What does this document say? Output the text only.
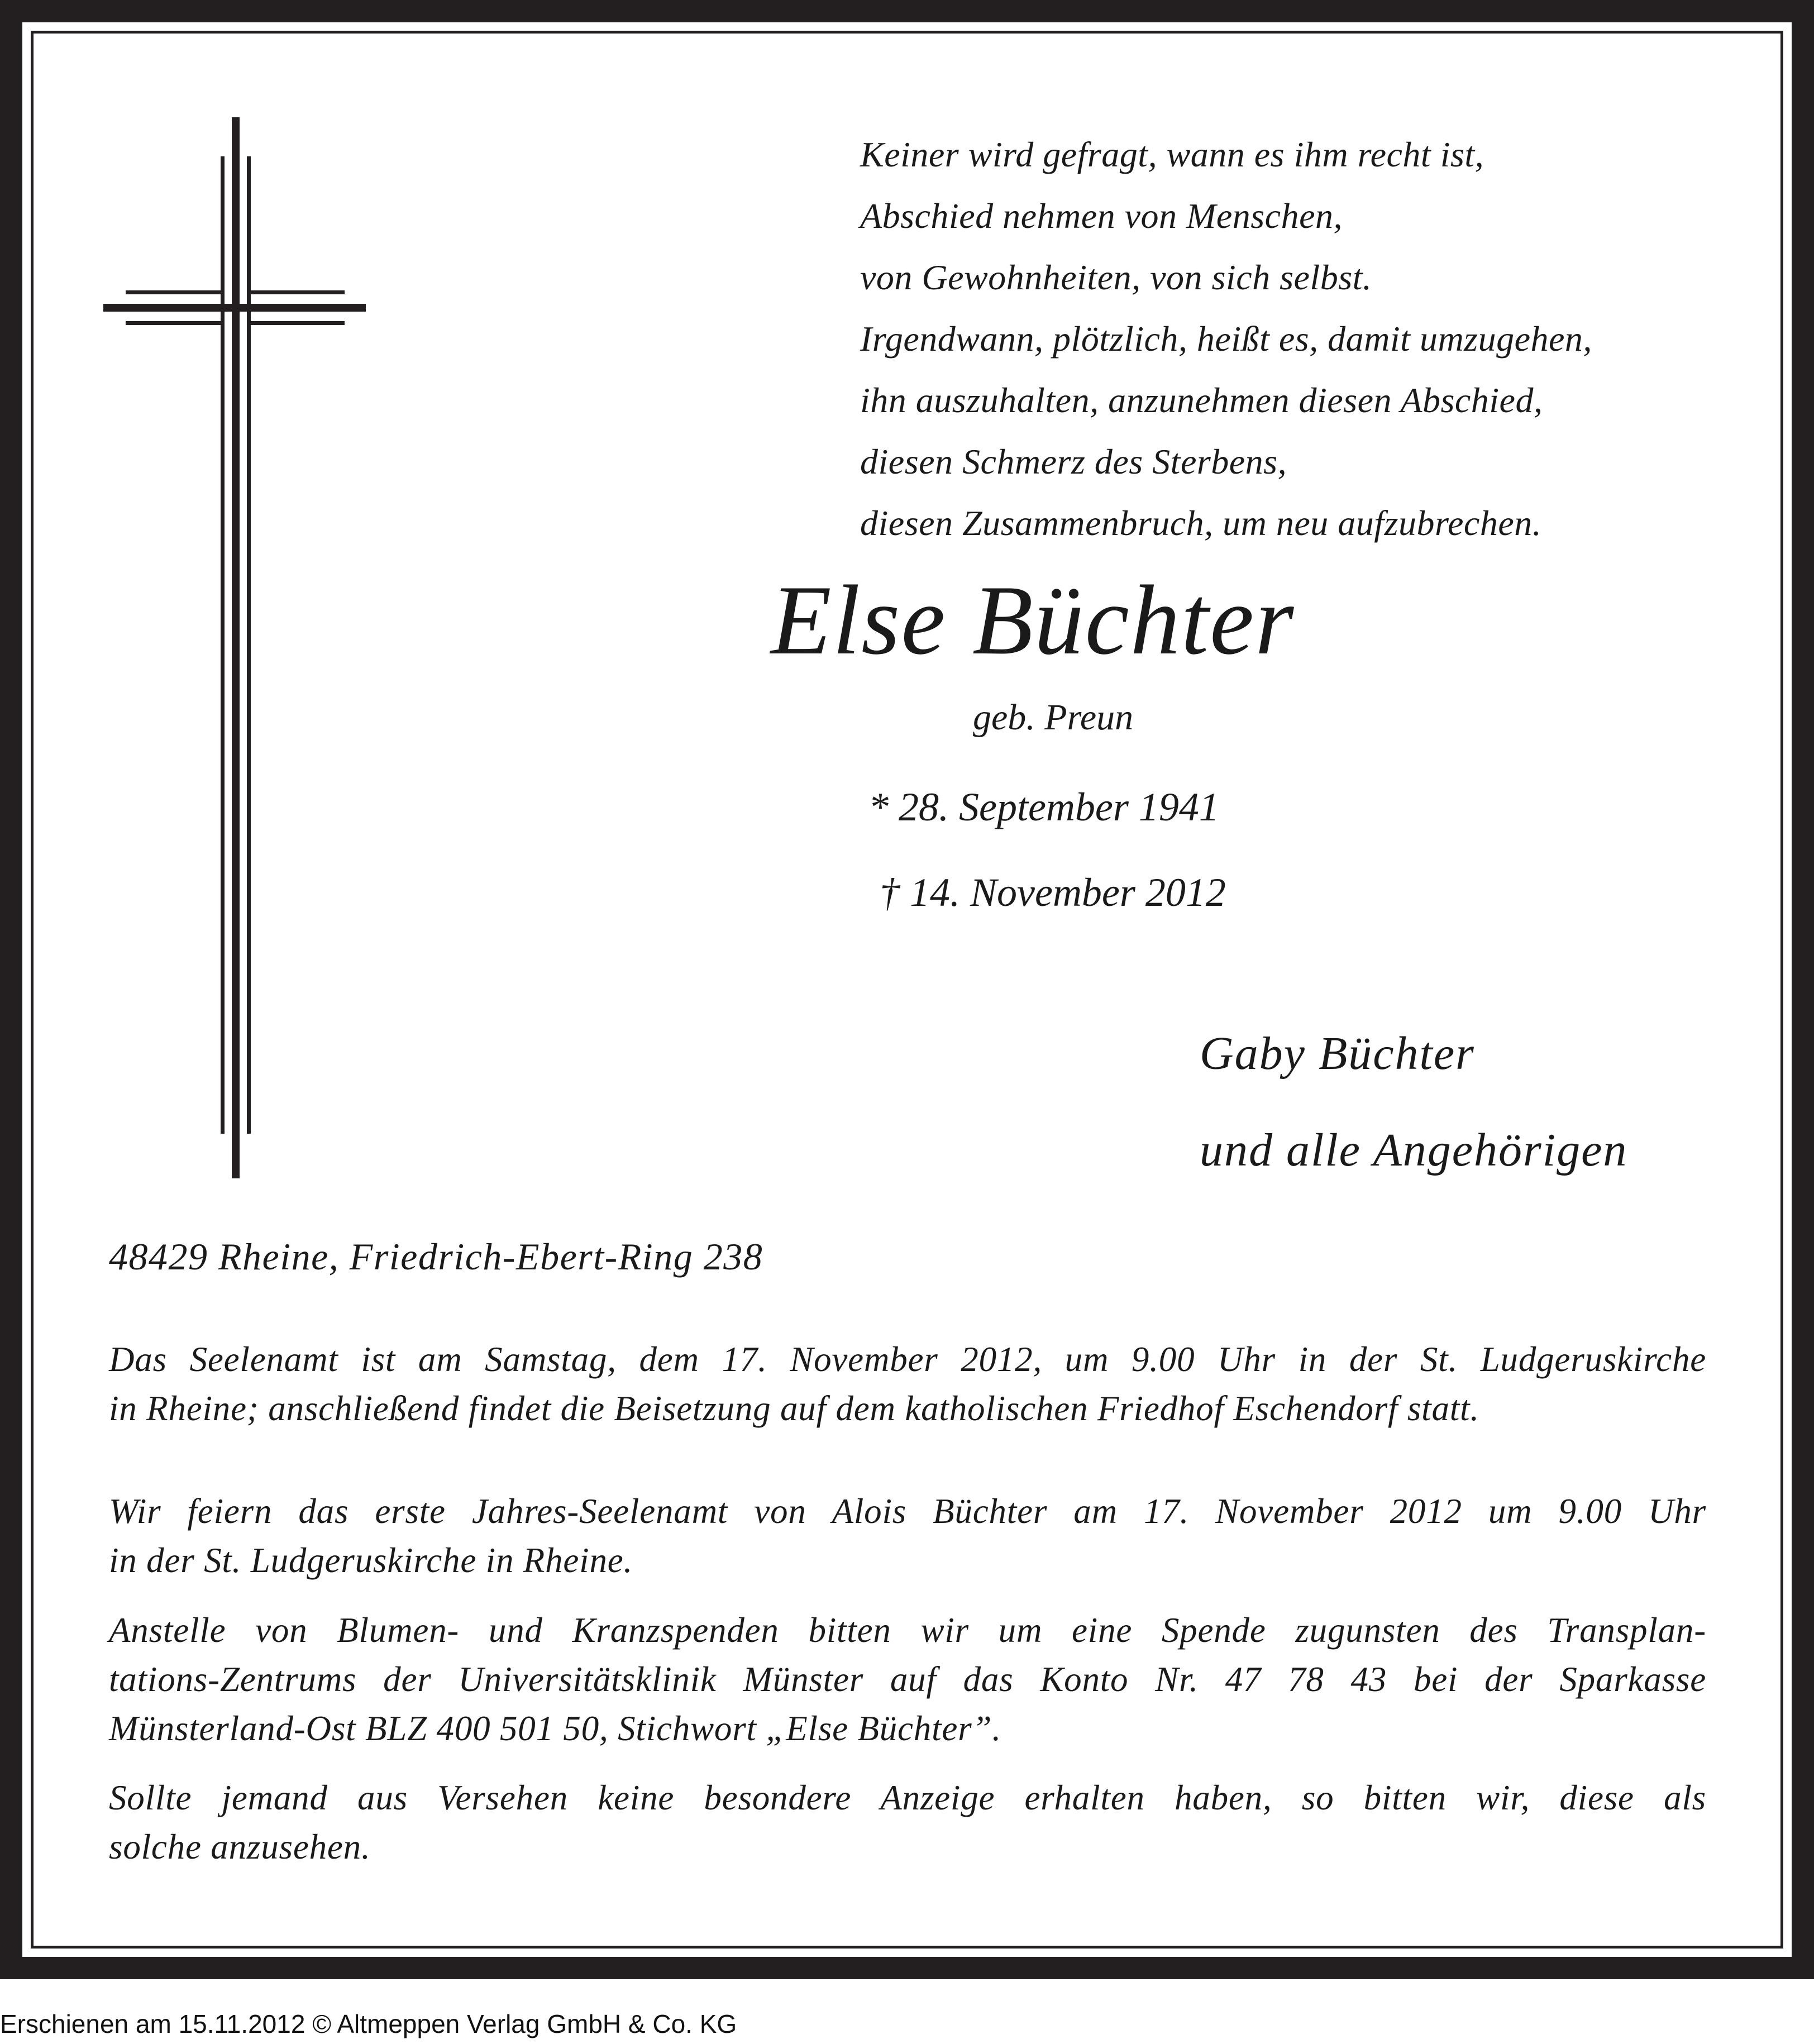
Keiner wird gefragt, wann es ihm recht ist,
Abschied nehmen von Menschen,
von Gewohnheiten, von sich selbst.
Irgendwann, plötzlich, heißt es, damit umzugehen,
ihn auszuhalten, anzunehmen diesen Abschied,
diesen Schmerz des Sterbens,
diesen Zusammenbruch, um neu aufzubrechen.
Else Büchter
geb. Preun
* 28. September 1941
† 14. November 2012
Gaby Büchter
und alle Angehörigen
48429 Rheine, Friedrich-Ebert-Ring 238
Das Seelenamt ist am Samstag, dem 17. November 2012, um 9.00 Uhr in der St. Ludgeruskirche
in Rheine; anschließend findet die Beisetzung auf dem katholischen Friedhof Eschendorf statt.
Wir feiern das erste Jahres-Seelenamt von Alois Büchter am 17. November 2012 um 9.00 Uhr
in der St. Ludgeruskirche in Rheine.
Anstelle von Blumen- und Kranzspenden bitten wir um eine Spende zugunsten des Transplan-
tations-Zentrums der Universitätsklinik Münster auf das Konto Nr. 47 78 43 bei der Sparkasse
Münsterland-Ost BLZ 400 501 50, Stichwort „Else Büchter”.
Sollte jemand aus Versehen keine besondere Anzeige erhalten haben, so bitten wir, diese als
solche anzusehen.
Erschienen am 15.11.2012 © Altmeppen Verlag GmbH & Co. KG
